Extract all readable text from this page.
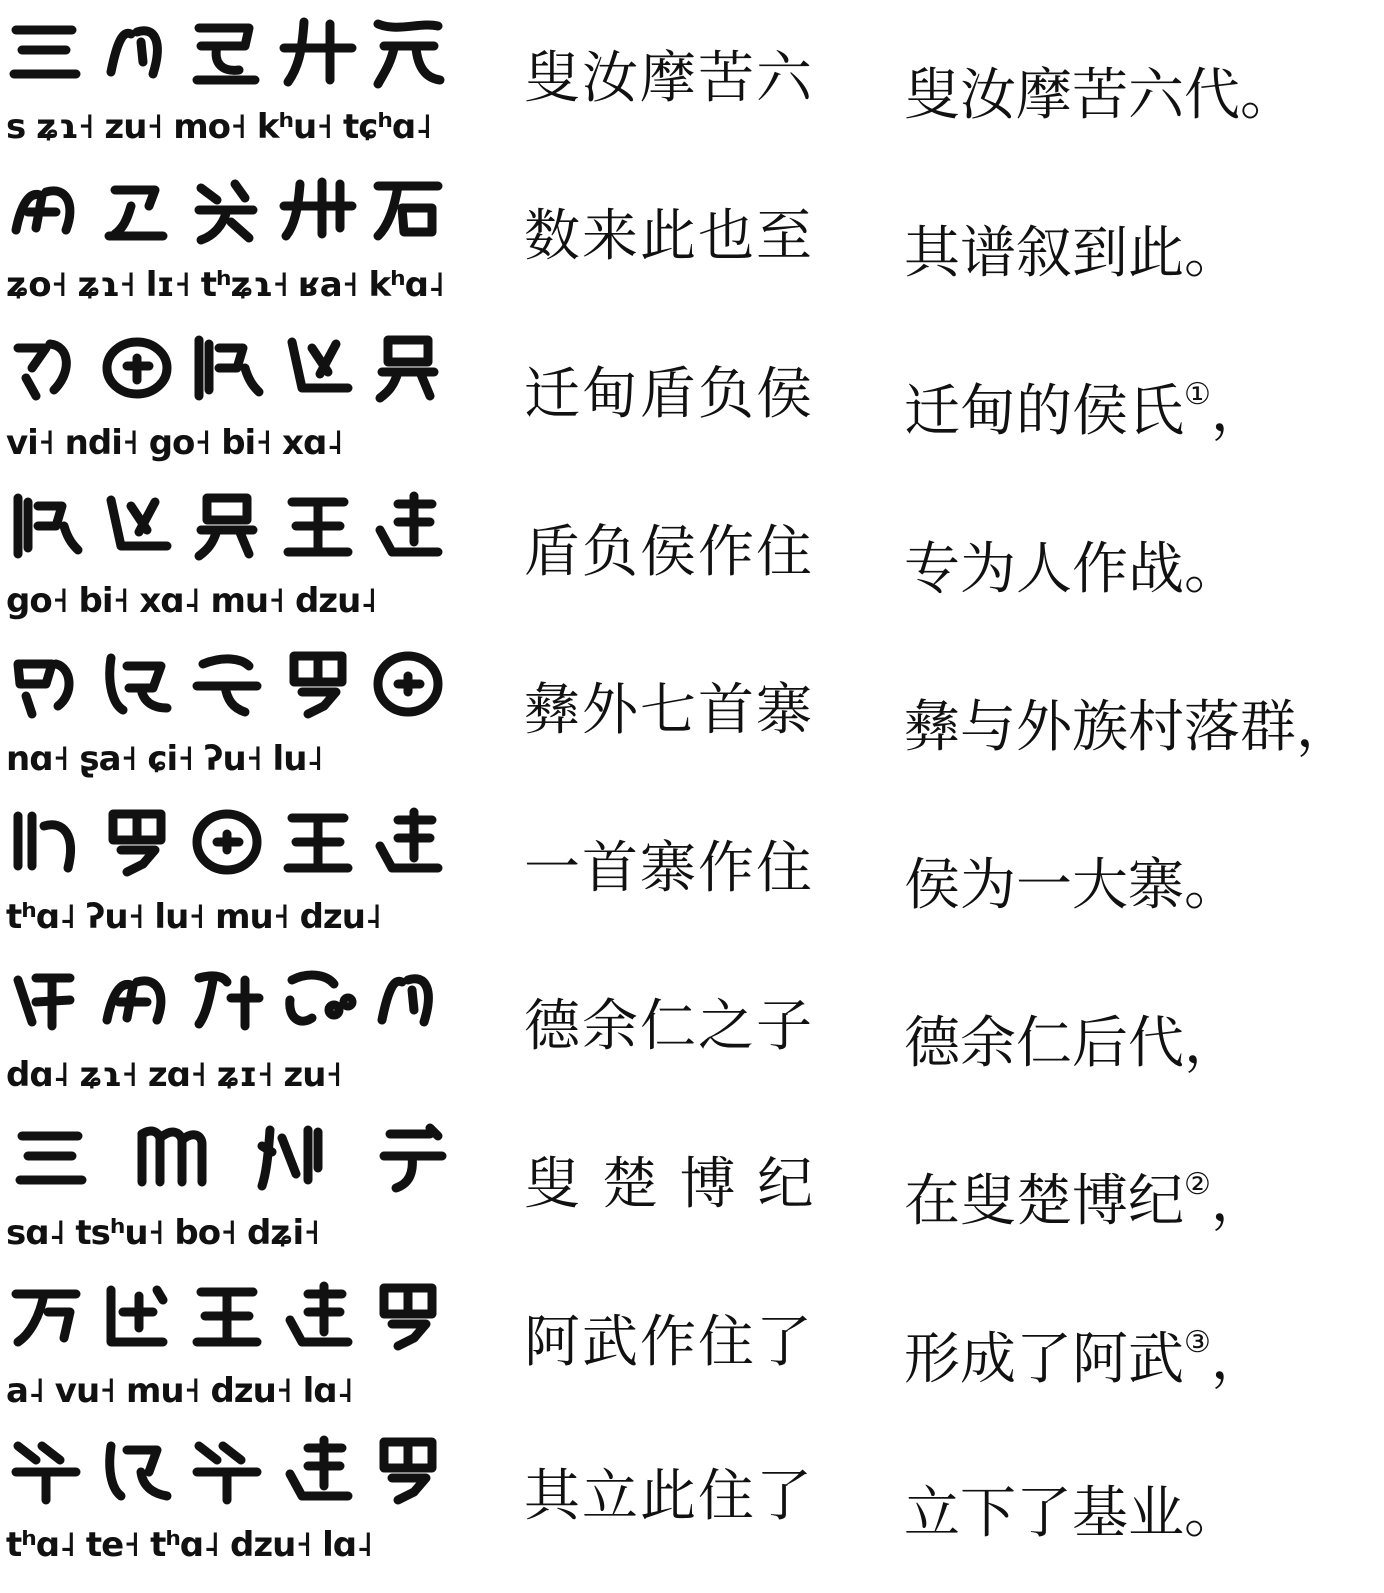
s ʑɿ˧ zu˧ mo˧ kʰu˧ tɕʰɑ˨
叟汝摩苦六 叟汝摩苦六代。
ʑo˧ ʑɿ˧ lɪ˧ tʰʑɿ˧ ʁa˧ kʰɑ˨
数来此也至 其谱叙到此。
vi˧ ndi˧ go˧ bi˧ xɑ˨
迁甸盾负侯 迁甸的侯氏①，
go˧ bi˧ xɑ˨ mu˧ dzu˨
盾负侯作住 专为人作战。
nɑ˧ ʂa˧ ɕi˧ ʔu˧ lu˨
彝外七首寨 彝与外族村落群，
tʰɑ˨ ʔu˧ lu˧ mu˧ dzu˨
一首寨作住 侯为一大寨。
dɑ˨ ʑɿ˧ zɑ˧ ʑɪ˧ zu˧
德余仁之子 德余仁后代，
sɑ˨ tsʰu˧ bo˧ dʑi˧
叟 楚 博 纪 在叟楚博纪②，
a˨ vu˧ mu˧ dzu˧ lɑ˨
阿武作住了 形成了阿武③，
tʰɑ˨ te˧ tʰɑ˨ dzu˧ lɑ˨
其立此住了 立下了基业。
